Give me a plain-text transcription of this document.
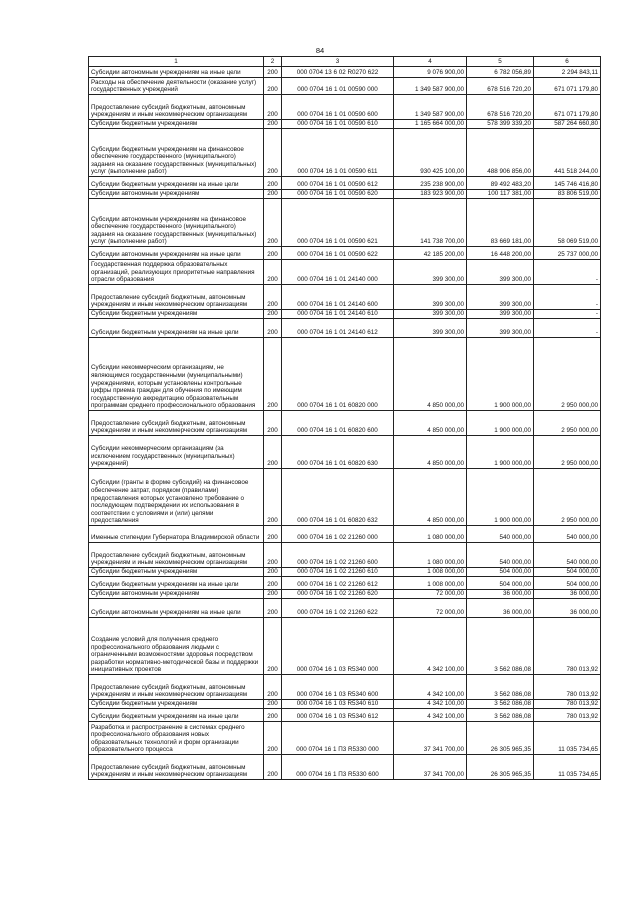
84
1	2	3	4	5	6
Субсидии автономным учреждениям на иные цели	200	000 0704 13 6 02 R0270 622	9 076 900,00	6 782 056,89	2 294 843,11
Расходы на обеспечение деятельности (оказание услуг) государственных учреждений	200	000 0704 16 1 01 00590 000	1 349 587 900,00	678 516 720,20	671 071 179,80
Предоставление субсидий бюджетным, автономным учреждениям и иным некоммерческим организациям	200	000 0704 16 1 01 00590 600	1 349 587 900,00	678 516 720,20	671 071 179,80
Субсидии бюджетным учреждениям	200	000 0704 16 1 01 00590 610	1 165 664 000,00	578 399 339,20	587 264 660,80
Субсидии бюджетным учреждениям на финансовое обеспечение государственного (муниципального) задания на оказание государственных (муниципальных) услуг (выполнение работ)	200	000 0704 16 1 01 00590 611	930 425 100,00	488 906 856,00	441 518 244,00
Субсидии бюджетным учреждениям на иные цели	200	000 0704 16 1 01 00590 612	235 238 900,00	89 492 483,20	145 746 416,80
Субсидии автономным учреждениям	200	000 0704 16 1 01 00590 620	183 923 900,00	100 117 381,00	83 806 519,00
Субсидии автономным учреждениям на финансовое обеспечение государственного (муниципального) задания на оказание государственных (муниципальных) услуг (выполнение работ)	200	000 0704 16 1 01 00590 621	141 738 700,00	83 669 181,00	58 069 519,00
Субсидии автономным учреждениям на иные цели	200	000 0704 16 1 01 00590 622	42 185 200,00	16 448 200,00	25 737 000,00
Государственная поддержка образовательных организаций, реализующих приоритетные направления отрасли образования	200	000 0704 16 1 01 24140 000	399 300,00	399 300,00	-
Предоставление субсидий бюджетным, автономным учреждениям и иным некоммерческим организациям	200	000 0704 16 1 01 24140 600	399 300,00	399 300,00	-
Субсидии бюджетным учреждениям	200	000 0704 16 1 01 24140 610	399 300,00	399 300,00	-
Субсидии бюджетным учреждениям на иные цели	200	000 0704 16 1 01 24140 612	399 300,00	399 300,00	-
Субсидии некоммерческим организациям, не являющимся государственными (муниципальными) учреждениями, которым установлены контрольные цифры приема граждан для обучения по имеющим государственную аккредитацию образовательным программам среднего профессионального образования	200	000 0704 16 1 01 60820 000	4 850 000,00	1 900 000,00	2 950 000,00
Предоставление субсидий бюджетным, автономным учреждениям и иным некоммерческим организациям	200	000 0704 16 1 01 60820 600	4 850 000,00	1 900 000,00	2 950 000,00
Субсидии некоммерческим организациям (за исключением государственных (муниципальных) учреждений)	200	000 0704 16 1 01 60820 630	4 850 000,00	1 900 000,00	2 950 000,00
Субсидии (гранты в форме субсидий) на финансовое обеспечение затрат, порядком (правилами) предоставления которых установлено требование о последующем подтверждении их использования в соответствии с условиями и (или) целями предоставления	200	000 0704 16 1 01 60820 632	4 850 000,00	1 900 000,00	2 950 000,00
Именные стипендии Губернатора Владимирской области	200	000 0704 16 1 02 21260 000	1 080 000,00	540 000,00	540 000,00
Предоставление субсидий бюджетным, автономным учреждениям и иным некоммерческим организациям	200	000 0704 16 1 02 21260 600	1 080 000,00	540 000,00	540 000,00
Субсидии бюджетным учреждениям	200	000 0704 16 1 02 21260 610	1 008 000,00	504 000,00	504 000,00
Субсидии бюджетным учреждениям на иные цели	200	000 0704 16 1 02 21260 612	1 008 000,00	504 000,00	504 000,00
Субсидии автономным учреждениям	200	000 0704 16 1 02 21260 620	72 000,00	36 000,00	36 000,00
Субсидии автономным учреждениям на иные цели	200	000 0704 16 1 02 21260 622	72 000,00	36 000,00	36 000,00
Создание условий для получения среднего профессионального образования людьми с ограниченными возможностями здоровья посредством разработки нормативно-методической базы и поддержки инициативных проектов	200	000 0704 16 1 03 R5340 000	4 342 100,00	3 562 086,08	780 013,92
Предоставление субсидий бюджетным, автономным учреждениям и иным некоммерческим организациям	200	000 0704 16 1 03 R5340 600	4 342 100,00	3 562 086,08	780 013,92
Субсидии бюджетным учреждениям	200	000 0704 16 1 03 R5340 610	4 342 100,00	3 562 086,08	780 013,92
Субсидии бюджетным учреждениям на иные цели	200	000 0704 16 1 03 R5340 612	4 342 100,00	3 562 086,08	780 013,92
Разработка и распространение в системах среднего профессионального образования новых образовательных технологий и форм организации образовательного процесса	200	000 0704 16 1 П3 R5330 000	37 341 700,00	26 305 965,35	11 035 734,65
Предоставление субсидий бюджетным, автономным учреждениям и иным некоммерческим организациям	200	000 0704 16 1 П3 R5330 600	37 341 700,00	26 305 965,35	11 035 734,65
